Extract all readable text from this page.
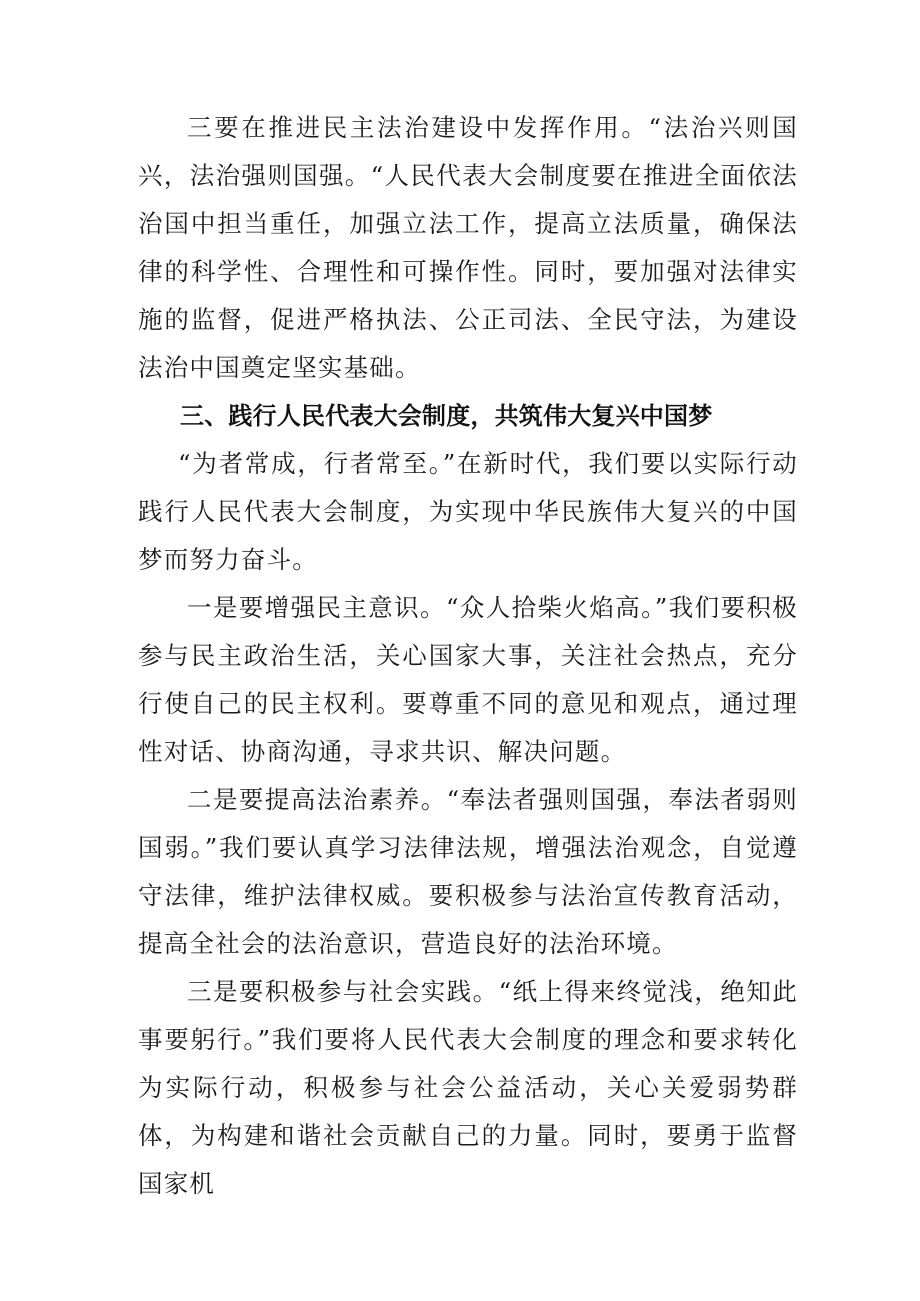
三要在推进民主法治建设中发挥作用。“法治兴则国兴，法治强则国强。“人民代表大会制度要在推进全面依法治国中担当重任，加强立法工作，提高立法质量，确保法律的科学性、合理性和可操作性。同时，要加强对法律实施的监督，促进严格执法、公正司法、全民守法，为建设法治中国奠定坚实基础。

三、践行人民代表大会制度，共筑伟大复兴中国梦

“为者常成，行者常至。”在新时代，我们要以实际行动践行人民代表大会制度，为实现中华民族伟大复兴的中国梦而努力奋斗。

一是要增强民主意识。“众人拾柴火焰高。”我们要积极参与民主政治生活，关心国家大事，关注社会热点，充分行使自己的民主权利。要尊重不同的意见和观点，通过理性对话、协商沟通，寻求共识、解决问题。

二是要提高法治素养。“奉法者强则国强，奉法者弱则国弱。”我们要认真学习法律法规，增强法治观念，自觉遵守法律，维护法律权威。要积极参与法治宣传教育活动，提高全社会的法治意识，营造良好的法治环境。

三是要积极参与社会实践。“纸上得来终觉浅，绝知此事要躬行。”我们要将人民代表大会制度的理念和要求转化为实际行动，积极参与社会公益活动，关心关爱弱势群体，为构建和谐社会贡献自己的力量。同时，要勇于监督国家机
